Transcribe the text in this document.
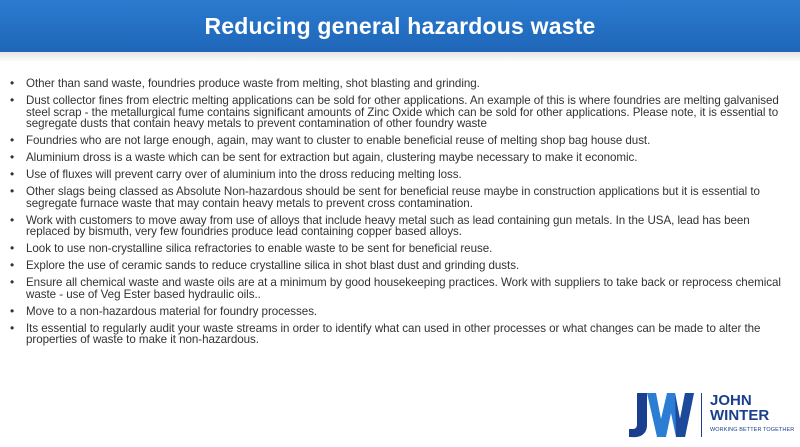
Reducing general hazardous waste
• Other than sand waste, foundries produce waste from melting, shot blasting and grinding.
• Dust collector fines from electric melting applications can be sold for other applications. An example of this is where foundries are melting galvanised steel scrap - the metallurgical fume contains significant amounts of Zinc Oxide which can be sold for other applications. Please note, it is essential to segregate dusts that contain heavy metals to prevent contamination of other foundry waste
• Foundries who are not large enough, again, may want to cluster to enable beneficial reuse of melting shop bag house dust.
• Aluminium dross is a waste which can be sent for extraction but again, clustering maybe necessary to make it economic.
• Use of fluxes will prevent carry over of aluminium into the dross reducing melting loss.
• Other slags being classed as Absolute Non-hazardous should be sent for beneficial reuse maybe in construction applications but it is essential to segregate furnace waste that may contain heavy metals to prevent cross contamination.
• Work with customers to move away from use of alloys that include heavy metal such as lead containing gun metals. In the USA, lead has been replaced by bismuth, very few foundries produce lead containing copper based alloys.
• Look to use non-crystalline silica refractories to enable waste to be sent for beneficial reuse.
• Explore the use of ceramic sands to reduce crystalline silica in shot blast dust and grinding dusts.
• Ensure all chemical waste and waste oils are at a minimum by good housekeeping practices. Work with suppliers to take back or reprocess chemical waste - use of Veg Ester based hydraulic oils..
• Move to a non-hazardous material for foundry processes.
• Its essential to regularly audit your waste streams in order to identify what can used in other processes or what changes can be made to alter the properties of waste to make it non-hazardous.
JOHN
WINTER
WORKING BETTER TOGETHER
